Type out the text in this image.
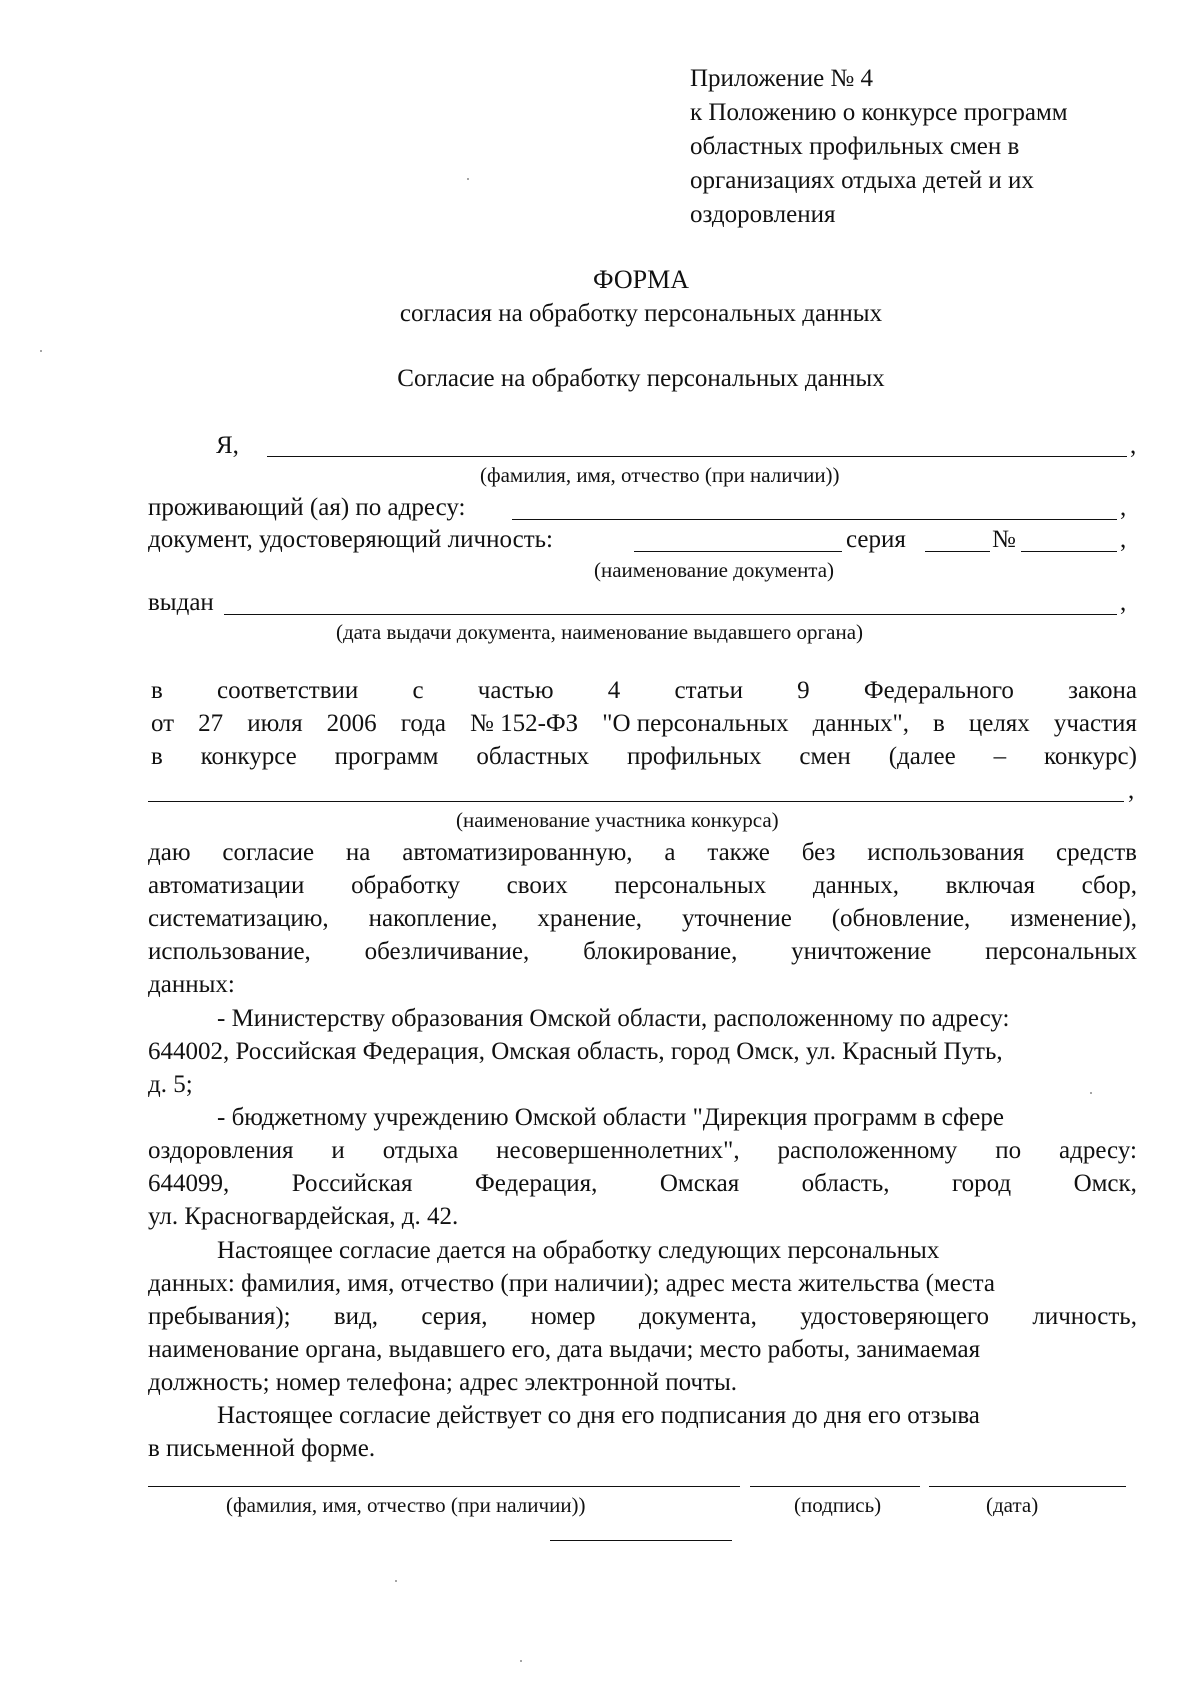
Приложение № 4
к Положению о конкурсе программ
областных профильных смен в
организациях отдыха детей и их
оздоровления
ФОРМА
согласия на обработку персональных данных
Согласие на обработку персональных данных
Я,	,
(фамилия, имя, отчество (при наличии))
проживающий (ая) по адресу:	,
документ, удостоверяющий личность:	серия	№	,
(наименование документа)
выдан	,
(дата выдачи документа, наименование выдавшего органа)
в соответствии с частью 4 статьи 9 Федерального закона
от 27 июля 2006 года № 152-ФЗ "О персональных данных", в целях участия
в конкурсе программ областных профильных смен (далее – конкурс)
,
(наименование участника конкурса)
даю согласие на автоматизированную, а также без использования средств
автоматизации обработку своих персональных данных, включая сбор,
систематизацию, накопление, хранение, уточнение (обновление, изменение),
использование, обезличивание, блокирование, уничтожение персональных
данных:
- Министерству образования Омской области, расположенному по адресу:
644002, Российская Федерация, Омская область, город Омск, ул. Красный Путь,
д. 5;
- бюджетному учреждению Омской области "Дирекция программ в сфере
оздоровления и отдыха несовершеннолетних", расположенному по адресу:
644099, Российская Федерация, Омская область, город Омск,
ул. Красногвардейская, д. 42.
Настоящее согласие дается на обработку следующих персональных
данных: фамилия, имя, отчество (при наличии); адрес места жительства (места
пребывания); вид, серия, номер документа, удостоверяющего личность,
наименование органа, выдавшего его, дата выдачи; место работы, занимаемая
должность; номер телефона; адрес электронной почты.
Настоящее согласие действует со дня его подписания до дня его отзыва
в письменной форме.
(фамилия, имя, отчество (при наличии))	(подпись)	(дата)
